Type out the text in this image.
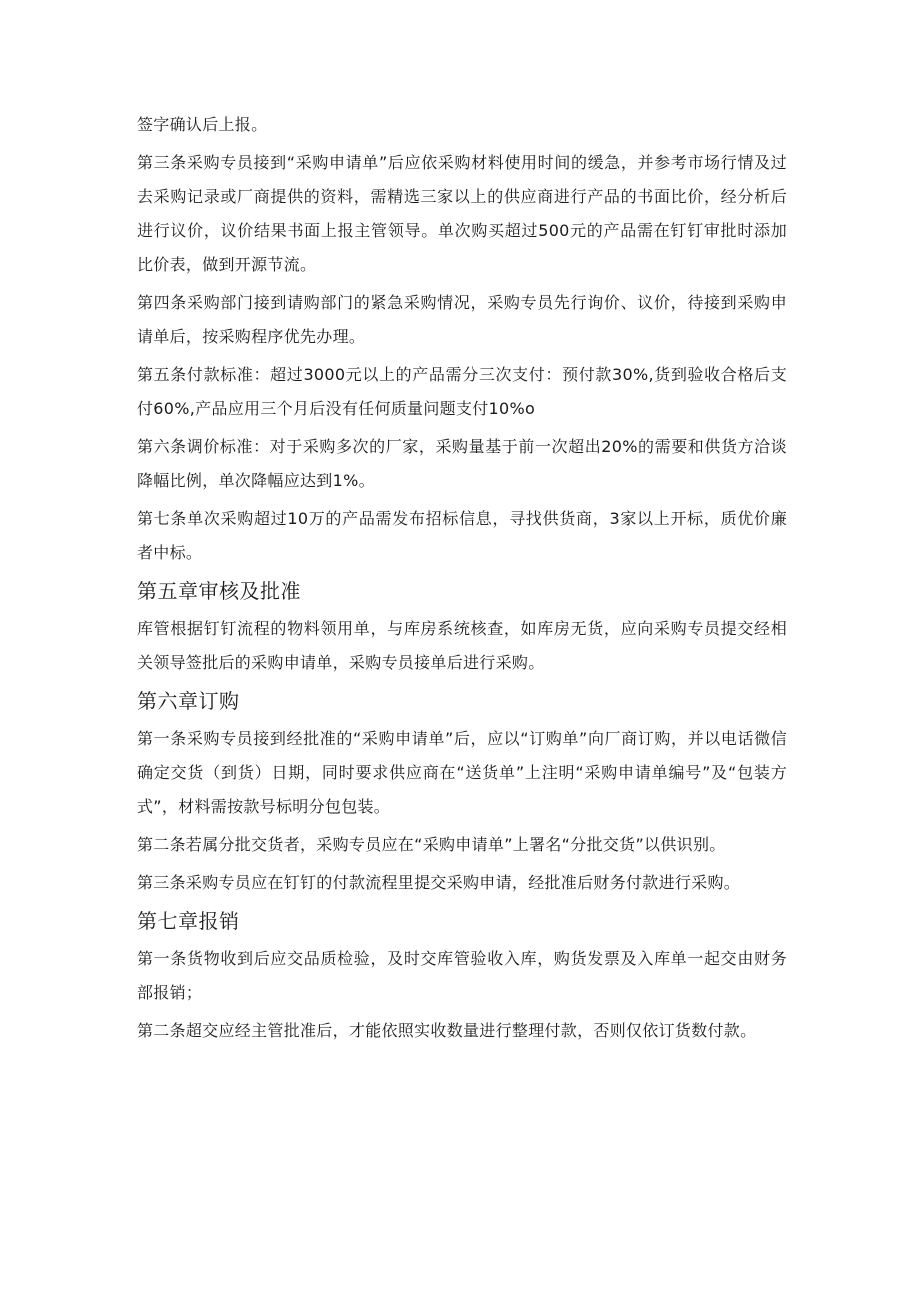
签字确认后上报。

第三条采购专员接到“采购申请单”后应依采购材料使用时间的缓急，并参考市场行情及过去采购记录或厂商提供的资料，需精选三家以上的供应商进行产品的书面比价，经分析后进行议价，议价结果书面上报主管领导。单次购买超过500元的产品需在钉钉审批时添加比价表，做到开源节流。

第四条采购部门接到请购部门的紧急采购情况，采购专员先行询价、议价，待接到采购申请单后，按采购程序优先办理。

第五条付款标准：超过3000元以上的产品需分三次支付：预付款30%,货到验收合格后支付60%,产品应用三个月后没有任何质量问题支付10%o

第六条调价标准：对于采购多次的厂家，采购量基于前一次超出20%的需要和供货方洽谈降幅比例，单次降幅应达到1%。

第七条单次采购超过10万的产品需发布招标信息，寻找供货商，3家以上开标，质优价廉者中标。

第五章审核及批准

库管根据钉钉流程的物料领用单，与库房系统核查，如库房无货，应向采购专员提交经相关领导签批后的采购申请单，采购专员接单后进行采购。

第六章订购

第一条采购专员接到经批准的“采购申请单”后，应以“订购单”向厂商订购，并以电话微信确定交货（到货）日期，同时要求供应商在“送货单”上注明“采购申请单编号”及“包装方式”，材料需按款号标明分包包装。

第二条若属分批交货者，采购专员应在“采购申请单”上署名“分批交货”以供识别。

第三条采购专员应在钉钉的付款流程里提交采购申请，经批准后财务付款进行采购。

第七章报销

第一条货物收到后应交品质检验，及时交库管验收入库，购货发票及入库单一起交由财务部报销；

第二条超交应经主管批准后，才能依照实收数量进行整理付款，否则仅依订货数付款。
